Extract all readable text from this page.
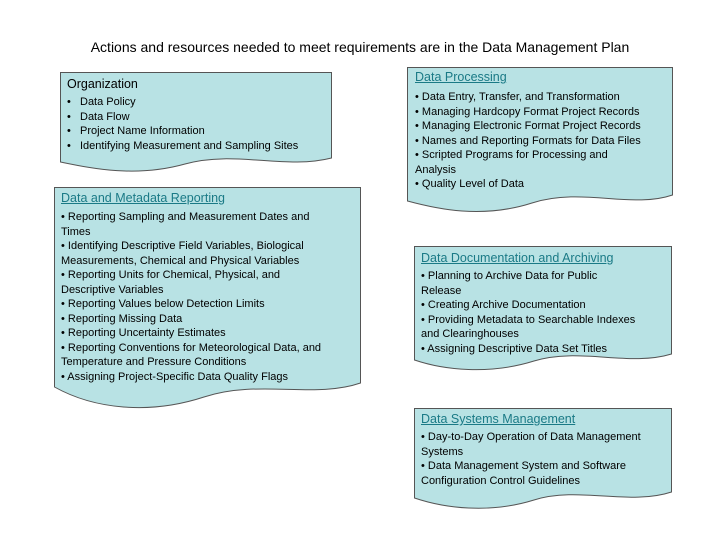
Actions and resources needed to meet requirements are in the Data Management Plan
Organization
• Data Policy
• Data Flow
• Project Name Information
• Identifying Measurement and Sampling Sites
Data Processing
• Data Entry, Transfer, and Transformation
• Managing Hardcopy Format Project Records
• Managing Electronic Format Project Records
• Names and Reporting Formats for Data Files
• Scripted Programs for Processing and
Analysis
• Quality Level of Data
Data and Metadata Reporting
• Reporting Sampling and Measurement Dates and
Times
• Identifying Descriptive Field Variables, Biological
Measurements, Chemical and Physical Variables
• Reporting Units for Chemical, Physical, and
Descriptive Variables
• Reporting Values below Detection Limits
• Reporting Missing Data
• Reporting Uncertainty Estimates
• Reporting Conventions for Meteorological Data, and
Temperature and Pressure Conditions
• Assigning Project-Specific Data Quality Flags
Data Documentation and Archiving
• Planning to Archive Data for Public
Release
• Creating Archive Documentation
• Providing Metadata to Searchable Indexes
and Clearinghouses
• Assigning Descriptive Data Set Titles
Data Systems Management
• Day-to-Day Operation of Data Management
Systems
• Data Management System and Software
Configuration Control Guidelines
